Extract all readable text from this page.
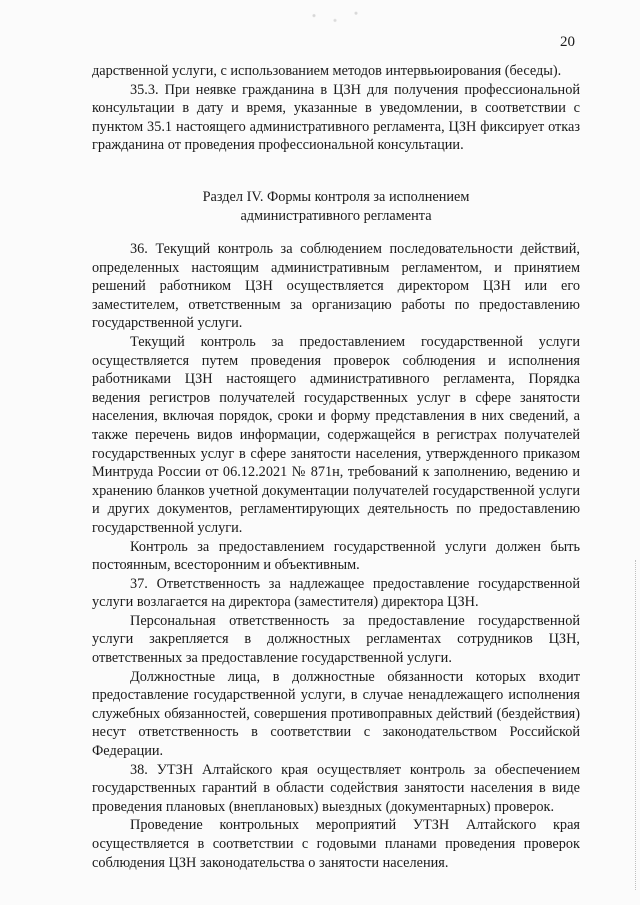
20

дарственной услуги, с использованием методов интервьюирования (беседы).

35.3. При неявке гражданина в ЦЗН для получения профессиональной консультации в дату и время, указанные в уведомлении, в соответствии с пунктом 35.1 настоящего административного регламента, ЦЗН фиксирует отказ гражданина от проведения профессиональной консультации.

Раздел IV. Формы контроля за исполнением
административного регламента

36. Текущий контроль за соблюдением последовательности действий, определенных настоящим административным регламентом, и принятием решений работником ЦЗН осуществляется директором ЦЗН или его заместителем, ответственным за организацию работы по предоставлению государственной услуги.

Текущий контроль за предоставлением государственной услуги осуществляется путем проведения проверок соблюдения и исполнения работниками ЦЗН настоящего административного регламента, Порядка ведения регистров получателей государственных услуг в сфере занятости населения, включая порядок, сроки и форму представления в них сведений, а также перечень видов информации, содержащейся в регистрах получателей государственных услуг в сфере занятости населения, утвержденного приказом Минтруда России от 06.12.2021 № 871н, требований к заполнению, ведению и хранению бланков учетной документации получателей государственной услуги и других документов, регламентирующих деятельность по предоставлению государственной услуги.

Контроль за предоставлением государственной услуги должен быть постоянным, всесторонним и объективным.

37. Ответственность за надлежащее предоставление государственной услуги возлагается на директора (заместителя) директора ЦЗН.

Персональная ответственность за предоставление государственной услуги закрепляется в должностных регламентах сотрудников ЦЗН, ответственных за предоставление государственной услуги.

Должностные лица, в должностные обязанности которых входит предоставление государственной услуги, в случае ненадлежащего исполнения служебных обязанностей, совершения противоправных действий (бездействия) несут ответственность в соответствии с законодательством Российской Федерации.

38. УТЗН Алтайского края осуществляет контроль за обеспечением государственных гарантий в области содействия занятости населения в виде проведения плановых (внеплановых) выездных (документарных) проверок.

Проведение контрольных мероприятий УТЗН Алтайского края осуществляется в соответствии с годовыми планами проведения проверок соблюдения ЦЗН законодательства о занятости населения.
